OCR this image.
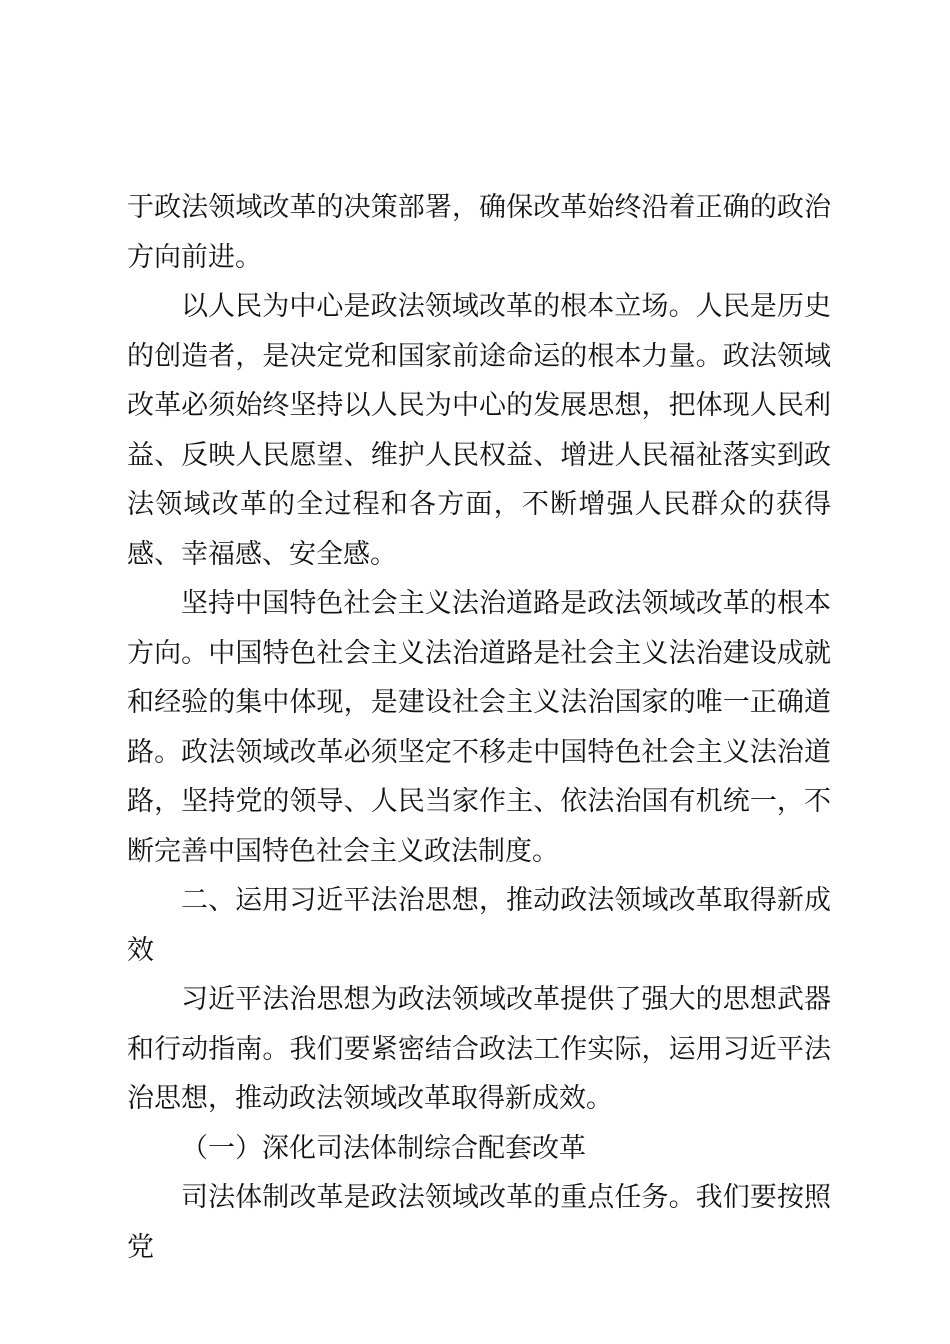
于政法领域改革的决策部署，确保改革始终沿着正确的政治方向前进。

以人民为中心是政法领域改革的根本立场。人民是历史的创造者，是决定党和国家前途命运的根本力量。政法领域改革必须始终坚持以人民为中心的发展思想，把体现人民利益、反映人民愿望、维护人民权益、增进人民福祉落实到政法领域改革的全过程和各方面，不断增强人民群众的获得感、幸福感、安全感。

坚持中国特色社会主义法治道路是政法领域改革的根本方向。中国特色社会主义法治道路是社会主义法治建设成就和经验的集中体现，是建设社会主义法治国家的唯一正确道路。政法领域改革必须坚定不移走中国特色社会主义法治道路，坚持党的领导、人民当家作主、依法治国有机统一，不断完善中国特色社会主义政法制度。

二、运用习近平法治思想，推动政法领域改革取得新成效

习近平法治思想为政法领域改革提供了强大的思想武器和行动指南。我们要紧密结合政法工作实际，运用习近平法治思想，推动政法领域改革取得新成效。

（一）深化司法体制综合配套改革

司法体制改革是政法领域改革的重点任务。我们要按照党
